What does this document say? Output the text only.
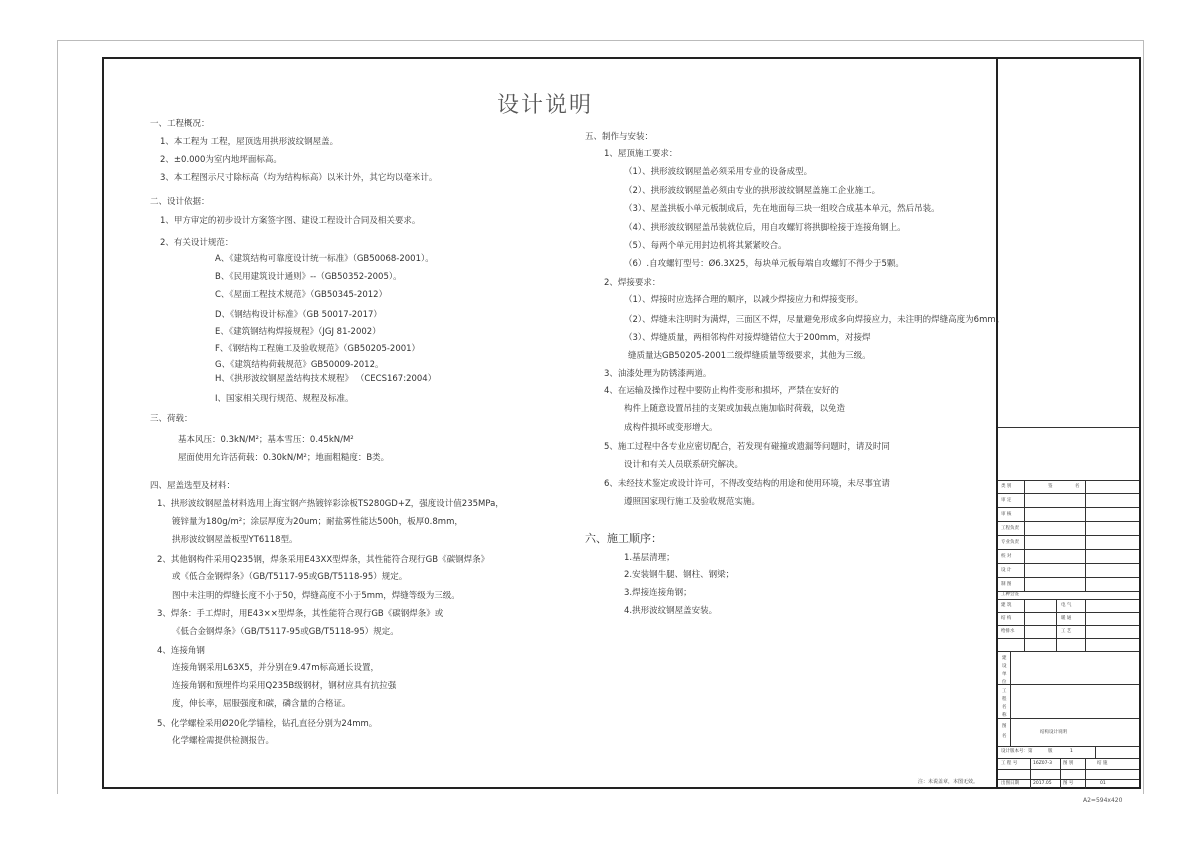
设计说明
一、工程概况：
1、本工程为 工程，屋顶选用拱形波纹钢屋盖。
2、±0.000为室内地坪面标高。
3、本工程图示尺寸除标高（均为结构标高）以米计外，其它均以毫米计。
二、设计依据：
1、甲方审定的初步设计方案签字图、建设工程设计合同及相关要求。
2、有关设计规范：
A、《建筑结构可靠度设计统一标准》（GB50068-2001）。
B、《民用建筑设计通则》--（GB50352-2005）。
C、《屋面工程技术规范》（GB50345-2012）
D、《钢结构设计标准》（GB 50017-2017）
E、《建筑钢结构焊接规程》（JGJ 81-2002）
F、《钢结构工程施工及验收规范》（GB50205-2001）
G、《建筑结构荷载规范》GB50009-2012。
H、《拱形波纹钢屋盖结构技术规程》 （CECS167:2004）
I、国家相关现行规范、规程及标准。
三、荷载：
基本风压：0.3kN/M²；基本雪压：0.45kN/M²
屋面使用允许活荷载：0.30kN/M²；地面粗糙度：B类。
四、屋盖选型及材料：
1、拱形波纹钢屋盖材料选用上海宝钢产热镀锌彩涂板TS280GD+Z，强度设计值235MPa，
镀锌量为180g/m²；涂层厚度为20um；耐盐雾性能达500h，板厚0.8mm，
拱形波纹钢屋盖板型YT6118型。
2、其他钢构件采用Q235钢，焊条采用E43XX型焊条，其性能符合现行GB《碳钢焊条》
或《低合金钢焊条》（GB/T5117-95或GB/T5118-95）规定。
图中未注明的焊缝长度不小于50，焊缝高度不小于5mm，焊缝等级为三级。
3、焊条：手工焊时，用E43××型焊条，其性能符合现行GB《碳钢焊条》或
《低合金钢焊条》（GB/T5117-95或GB/T5118-95）规定。
4、连接角钢
连接角钢采用L63X5，并分别在9.47m标高通长设置，
连接角钢和预埋件均采用Q235B级钢材，钢材应具有抗拉强
度，伸长率，屈服强度和碳，磷含量的合格证。
5、化学螺栓采用Ø20化学锚栓，钻孔直径分别为24mm。
化学螺栓需提供检测报告。
五、制作与安装：
1、屋顶施工要求：
（1）、拱形波纹钢屋盖必须采用专业的设备成型。
（2）、拱形波纹钢屋盖必须由专业的拱形波纹钢屋盖施工企业施工。
（3）、屋盖拱板小单元板制成后，先在地面每三块一组咬合成基本单元，然后吊装。
（4）、拱形波纹钢屋盖吊装就位后，用自攻螺钉将拱脚栓接于连接角钢上。
（5）、每两个单元用封边机将其紧紧咬合。
（6）.自攻螺钉型号：Ø6.3X25，每块单元板每端自攻螺钉不得少于5颗。
2、焊接要求：
（1）、焊接时应选择合理的顺序，以减少焊接应力和焊接变形。
（2）、焊缝未注明时为满焊，三面区不焊，尽量避免形成多向焊接应力，未注明的焊缝高度为6mm。
（3）、焊缝质量，两相邻构件对接焊缝错位大于200mm，对接焊
缝质量达GB50205-2001二级焊缝质量等级要求，其他为三级。
3、油漆处理为防锈漆两道。
4、在运输及操作过程中要防止构件变形和损坏，严禁在安好的
构件上随意设置吊挂的支架或加载点施加临时荷载，以免造
成构件损坏或变形增大。
5、施工过程中各专业应密切配合，若发现有碰撞或遗漏等问题时，请及时同
设计和有关人员联系研究解决。
6、未经技术鉴定或设计许可，不得改变结构的用途和使用环境，未尽事宜请
遵照国家现行施工及验收规范实施。
六、施工顺序：
1.基层清理；
2.安装钢牛腿、钢柱、钢梁；
3.焊接连接角钢；
4.拱形波纹钢屋盖安装。
注：未说盖章，本图无效。
A2=594x420
类 别	签	名
审 定
审 核
工程负责
专业负责
校 对
设 计
制 图
工种会签
建 筑	电 气
结 构	暖 通
给排水	工 艺
建设单位
工程名称
图名
结构设计说明
设计版本号：第	版	1
工 程 号	16Z07-3 图 别	结 施
出图日期	2017.05	图 号	01
